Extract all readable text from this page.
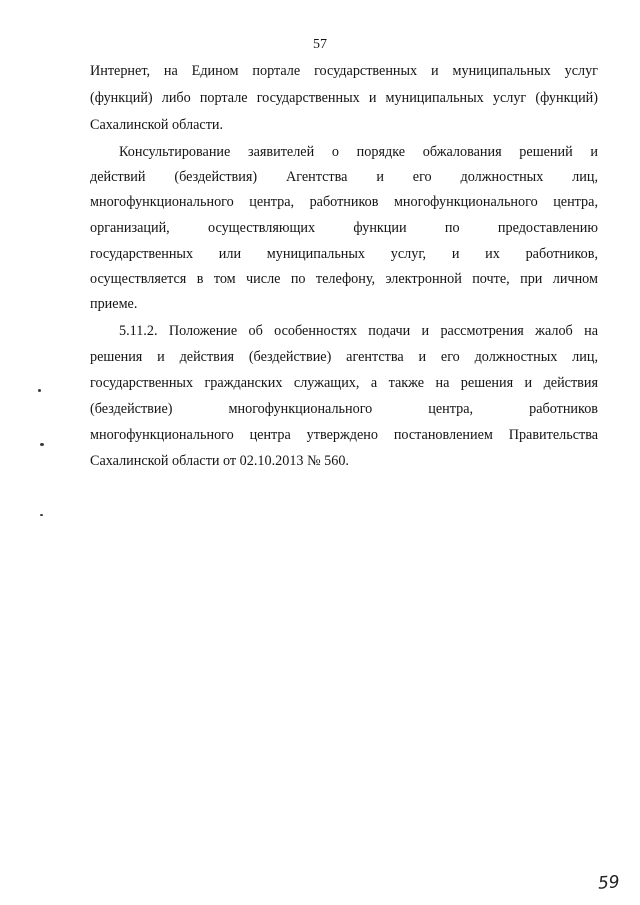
57
Интернет, на Едином портале государственных и муниципальных услуг
(функций) либо портале государственных и муниципальных услуг (функций)
Сахалинской области.
Консультирование заявителей о порядке обжалования решений и
действий (бездействия) Агентства и его должностных лиц,
многофункционального центра, работников многофункционального центра,
организаций, осуществляющих функции по предоставлению
государственных или муниципальных услуг, и их работников,
осуществляется в том числе по телефону, электронной почте, при личном
приеме.
5.11.2. Положение об особенностях подачи и рассмотрения жалоб на
решения и действия (бездействие) агентства и его должностных лиц,
государственных гражданских служащих, а также на решения и действия
(бездействие) многофункционального центра, работников
многофункционального центра утверждено постановлением Правительства
Сахалинской области от 02.10.2013 № 560.
59
